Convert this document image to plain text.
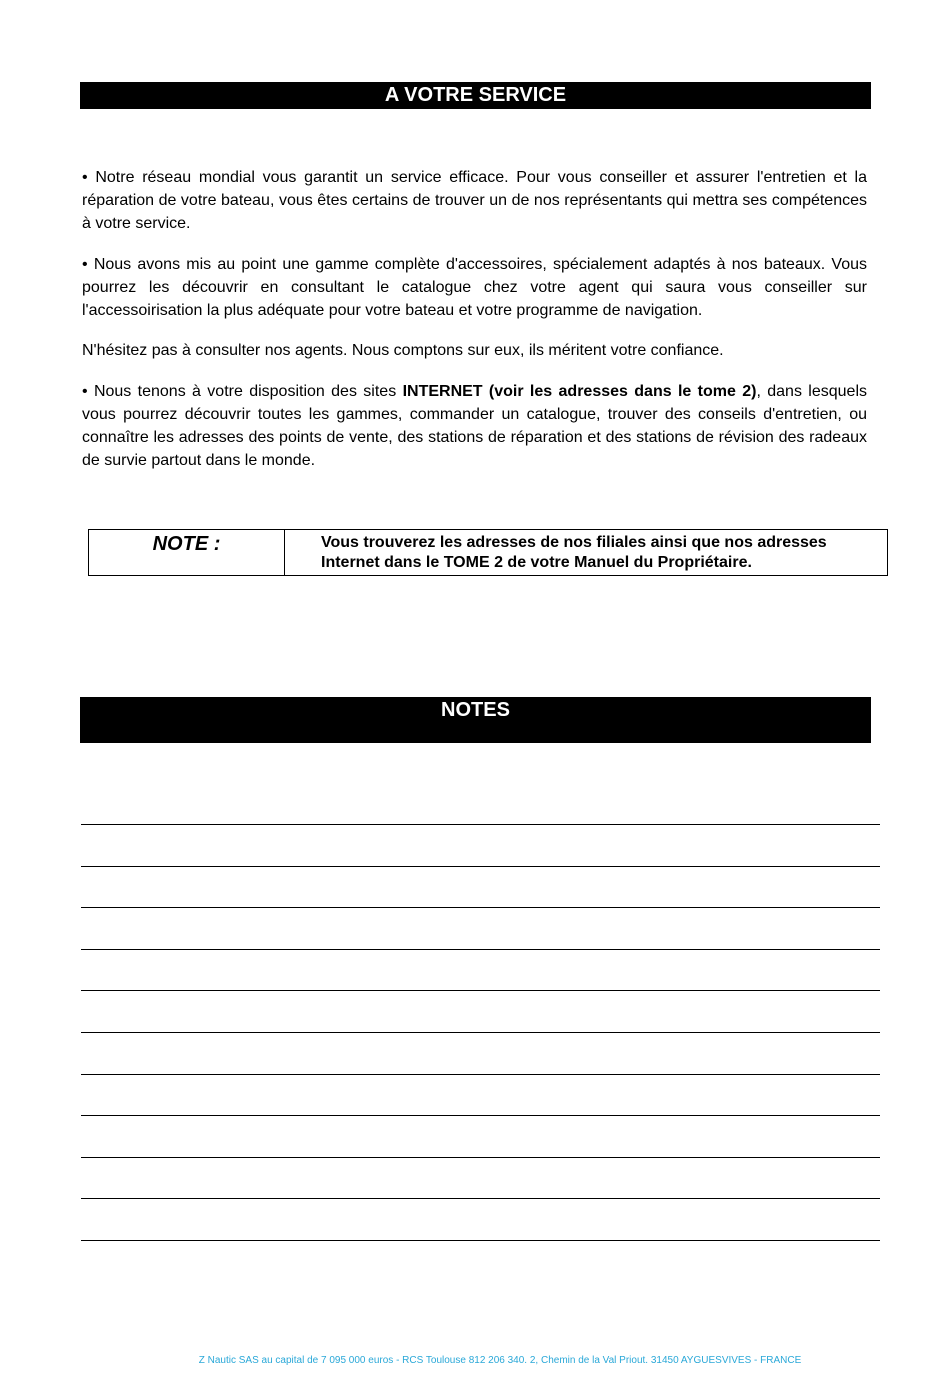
A VOTRE SERVICE

• Notre réseau mondial vous garantit un service efficace. Pour vous conseiller et assurer l'entretien et la réparation de votre bateau, vous êtes certains de trouver un de nos représentants qui mettra ses compétences à votre service.

• Nous avons mis au point une gamme complète d'accessoires, spécialement adaptés à nos bateaux. Vous pourrez les découvrir en consultant le catalogue chez votre agent qui saura vous conseiller sur l'accessoirisation la plus adéquate pour votre bateau et votre programme de navigation.

N'hésitez pas à consulter nos agents. Nous comptons sur eux, ils méritent votre confiance.

• Nous tenons à votre disposition des sites INTERNET (voir les adresses dans le tome 2), dans lesquels vous pourrez découvrir toutes les gammes, commander un catalogue, trouver des conseils d'entretien, ou connaître les adresses des points de vente, des stations de réparation et des stations de révision des radeaux de survie partout dans le monde.

NOTE :	Vous trouverez les adresses de nos filiales ainsi que nos adresses Internet dans le TOME 2 de votre Manuel du Propriétaire.
NOTES
Z Nautic SAS au capital de 7 095 000 euros - RCS Toulouse 812 206 340. 2, Chemin de la Val Priout. 31450 AYGUESVIVES - FRANCE
